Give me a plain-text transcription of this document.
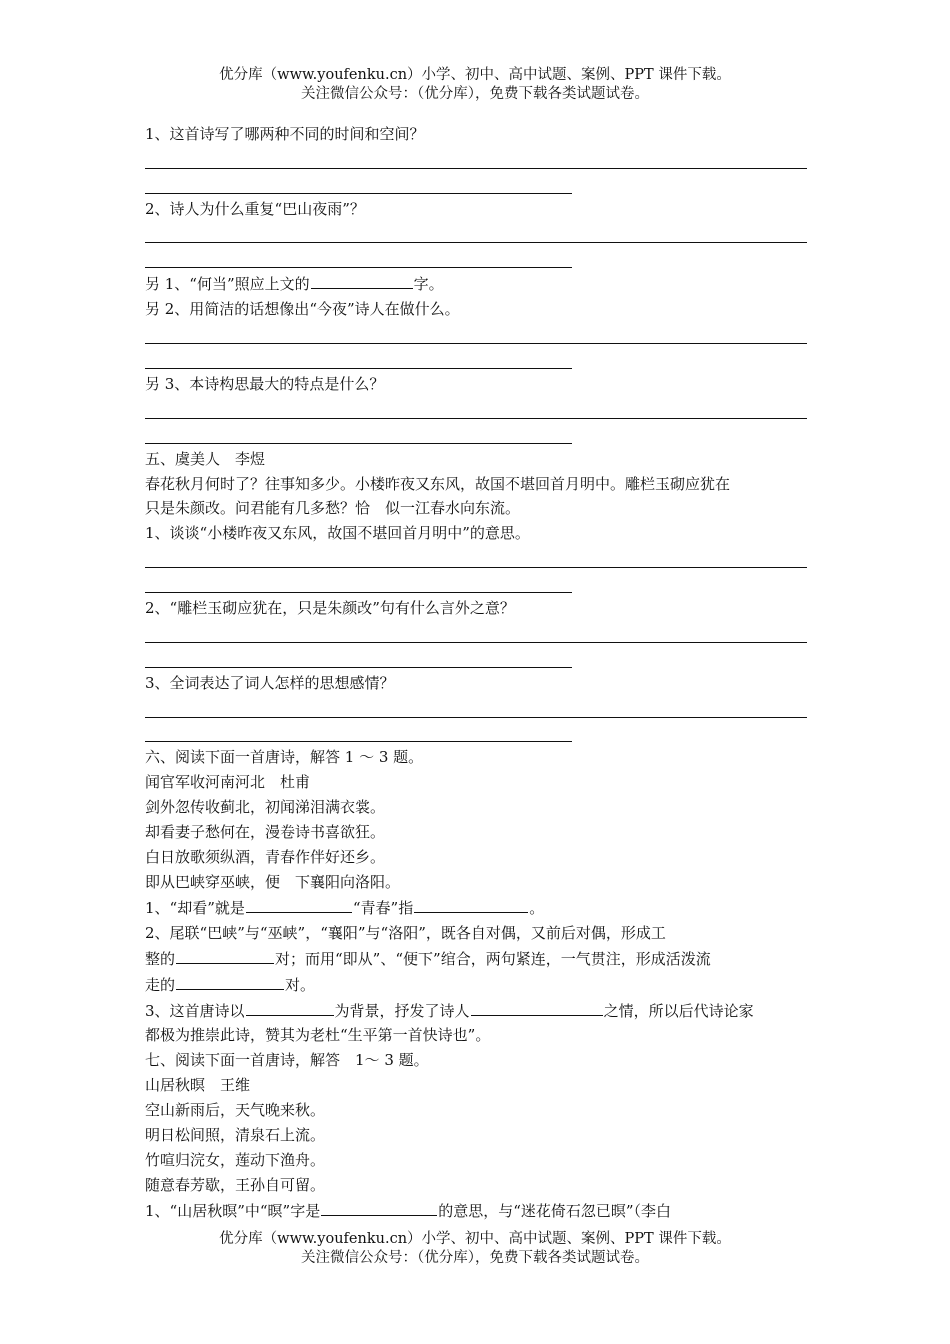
优分库（www.youfenku.cn）小学、初中、高中试题、案例、PPT 课件下载。
关注微信公众号：（优分库），免费下载各类试题试卷。
1、这首诗写了哪两种不同的时间和空间？
2、诗人为什么重复“巴山夜雨”？
另 1、“何当”照应上文的	字。
另 2、用简洁的话想像出“今夜”诗人在做什么。
另 3、本诗构思最大的特点是什么？
五、虞美人　李煜
春花秋月何时了？往事知多少。小楼昨夜又东风，故国不堪回首月明中。雕栏玉砌应犹在
只是朱颜改。问君能有几多愁？恰　似一江春水向东流。
1、谈谈“小楼昨夜又东风，故国不堪回首月明中”的意思。
2、“雕栏玉砌应犹在，只是朱颜改”句有什么言外之意？
3、全词表达了词人怎样的思想感情？
六、阅读下面一首唐诗，解答 1 ～ 3 题。
闻官军收河南河北　杜甫
剑外忽传收蓟北，初闻涕泪满衣裳。
却看妻子愁何在，漫卷诗书喜欲狂。
白日放歌须纵酒，青春作伴好还乡。
即从巴峡穿巫峡，便　下襄阳向洛阳。
1、“却看”就是	“青春”指	。
2、尾联“巴峡”与“巫峡”，“襄阳”与“洛阳”，既各自对偶，又前后对偶，形成工
整的	对；而用“即从”、“便下”绾合，两句紧连，一气贯注，形成活泼流
走的	对。
3、这首唐诗以	为背景，抒发了诗人	之情，所以后代诗论家
都极为推崇此诗，赞其为老杜“生平第一首快诗也”。
七、阅读下面一首唐诗，解答　1～ 3 题。
山居秋暝　王维
空山新雨后，天气晚来秋。
明日松间照，清泉石上流。
竹喧归浣女，莲动下渔舟。
随意春芳歇，王孙自可留。
1、“山居秋暝”中“暝”字是	的意思，与“迷花倚石忽已暝”（李白
优分库（www.youfenku.cn）小学、初中、高中试题、案例、PPT 课件下载。
关注微信公众号：（优分库），免费下载各类试题试卷。
